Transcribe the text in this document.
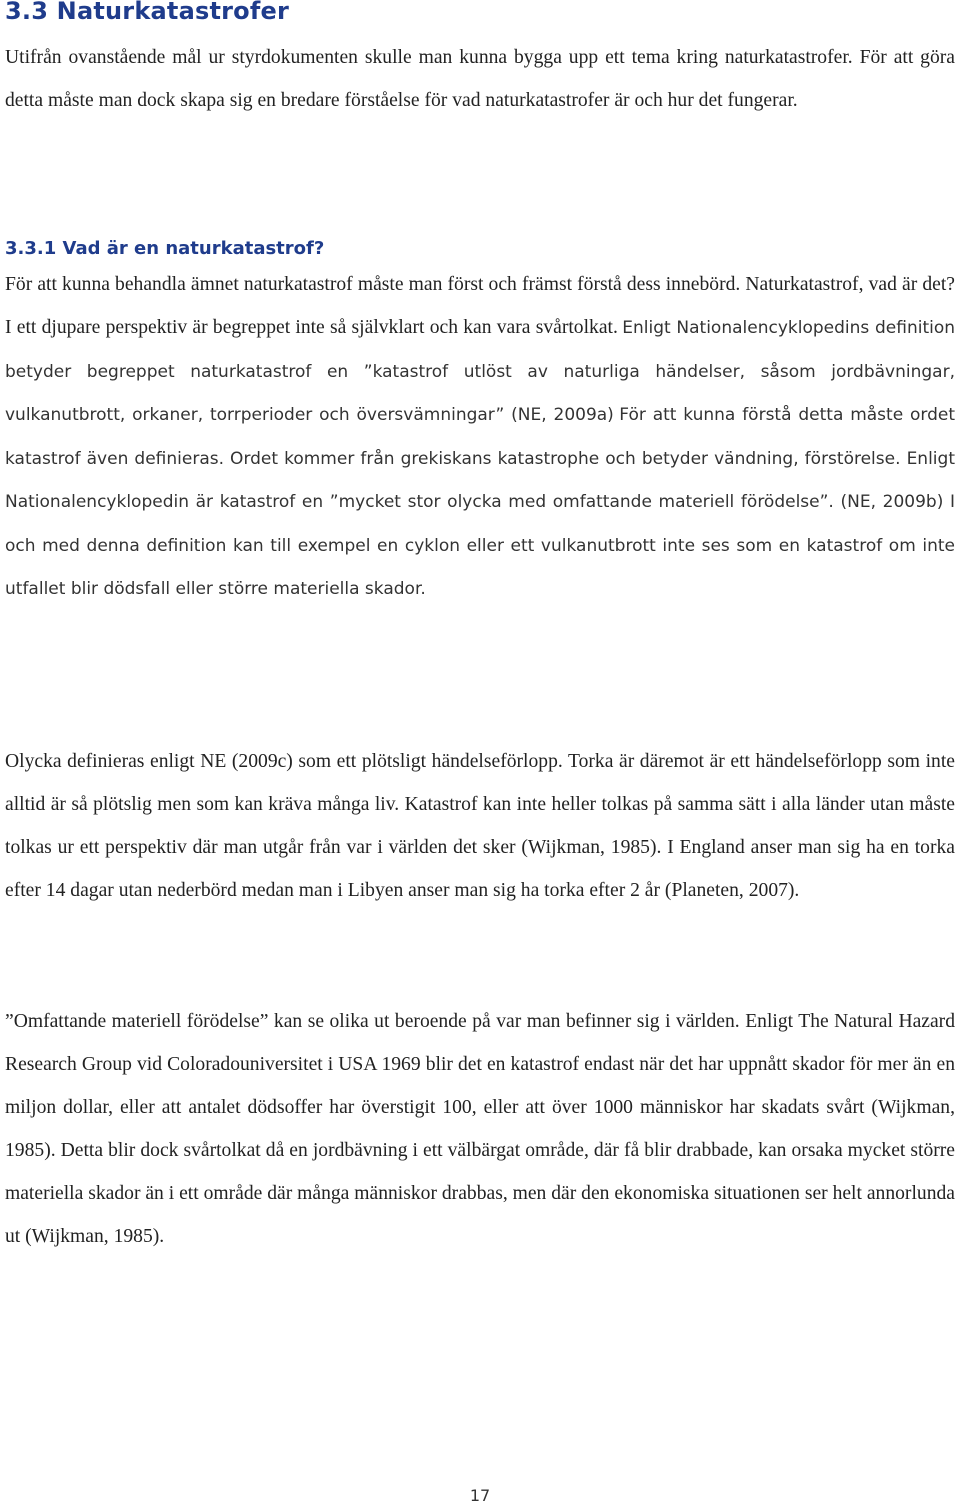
3.3 Naturkatastrofer

Utifrån ovanstående mål ur styrdokumenten skulle man kunna bygga upp ett tema kring naturkatastrofer. För att göra detta måste man dock skapa sig en bredare förståelse för vad naturkatastrofer är och hur det fungerar.

3.3.1 Vad är en naturkatastrof?

För att kunna behandla ämnet naturkatastrof måste man först och främst förstå dess innebörd. Naturkatastrof, vad är det? I ett djupare perspektiv är begreppet inte så självklart och kan vara svårtolkat. Enligt Nationalencyklopedins definition betyder begreppet naturkatastrof en ”katastrof utlöst av naturliga händelser, såsom jordbävningar, vulkanutbrott, orkaner, torrperioder och översvämningar” (NE, 2009a) För att kunna förstå detta måste ordet katastrof även definieras. Ordet kommer från grekiskans katastrophe och betyder vändning, förstörelse. Enligt Nationalencyklopedin är katastrof en ”mycket stor olycka med omfattande materiell förödelse”. (NE, 2009b) I och med denna definition kan till exempel en cyklon eller ett vulkanutbrott inte ses som en katastrof om inte utfallet blir dödsfall eller större materiella skador.

Olycka definieras enligt NE (2009c) som ett plötsligt händelseförlopp. Torka är däremot är ett händelseförlopp som inte alltid är så plötslig men som kan kräva många liv. Katastrof kan inte heller tolkas på samma sätt i alla länder utan måste tolkas ur ett perspektiv där man utgår från var i världen det sker (Wijkman, 1985). I England anser man sig ha en torka efter 14 dagar utan nederbörd medan man i Libyen anser man sig ha torka efter 2 år (Planeten, 2007).

”Omfattande materiell förödelse” kan se olika ut beroende på var man befinner sig i världen. Enligt The Natural Hazard Research Group vid Coloradouniversitet i USA 1969 blir det en katastrof endast när det har uppnått skador för mer än en miljon dollar, eller att antalet dödsoffer har överstigit 100, eller att över 1000 människor har skadats svårt (Wijkman, 1985). Detta blir dock svårtolkat då en jordbävning i ett välbärgat område, där få blir drabbade, kan orsaka mycket större materiella skador än i ett område där många människor drabbas, men där den ekonomiska situationen ser helt annorlunda ut (Wijkman, 1985).

17
